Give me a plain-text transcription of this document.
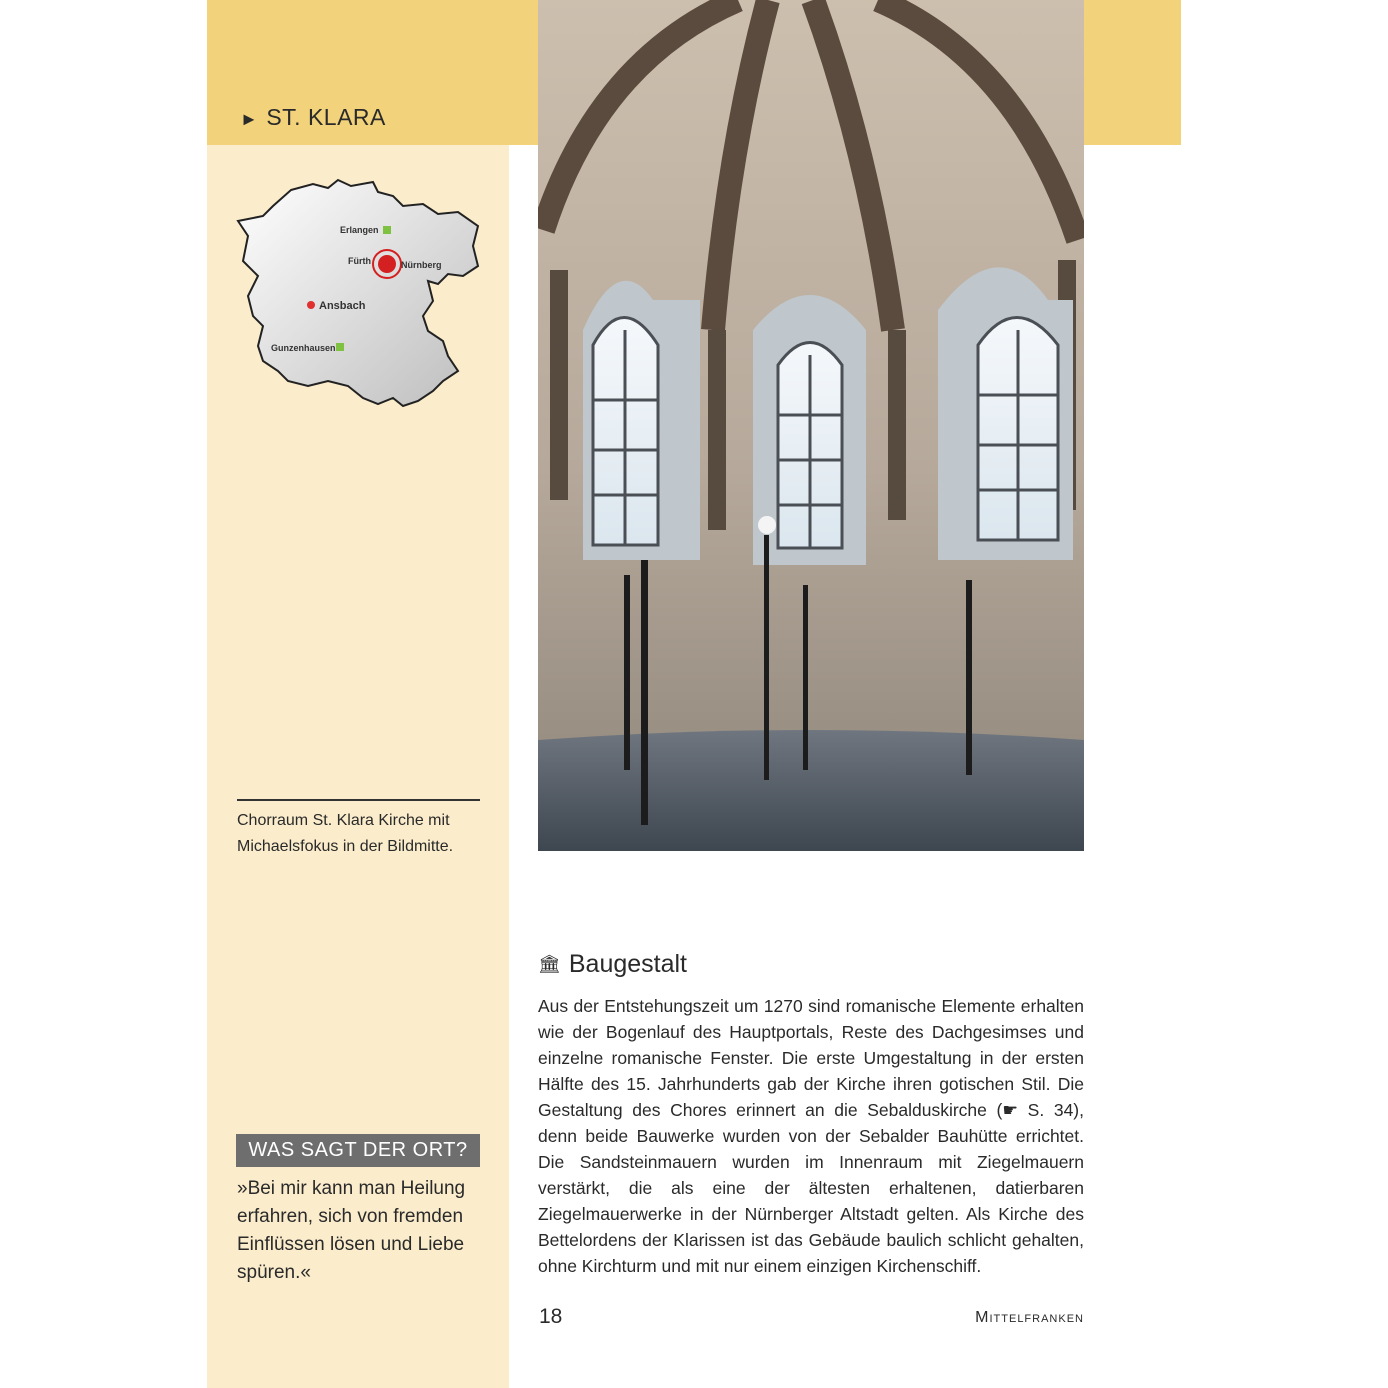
► ST. KLARA
Erlangen
Fürth	Nürnberg
Ansbach
Gunzenhausen
Chorraum St. Klara Kirche mit Michaelsfokus in der Bildmitte.
WAS SAGT DER ORT?
»Bei mir kann man Heilung erfahren, sich von fremden Einflüssen lösen und Liebe spüren.«
🏛 Baugestalt
Aus der Entstehungszeit um 1270 sind romanische Elemente erhalten wie der Bogenlauf des Hauptportals, Reste des Dachgesimses und einzelne romanische Fenster. Die erste Umgestaltung in der ersten Hälfte des 15. Jahrhunderts gab der Kirche ihren gotischen Stil. Die Gestaltung des Chores erinnert an die Sebalduskirche (☛ S. 34), denn beide Bauwerke wurden von der Sebalder Bauhütte errichtet. Die Sandsteinmauern wurden im Innenraum mit Ziegelmauern verstärkt, die als eine der ältesten erhaltenen, datierbaren Ziegelmauerwerke in der Nürnberger Altstadt gelten. Als Kirche des Bettelordens der Klarissen ist das Gebäude baulich schlicht gehalten, ohne Kirchturm und mit nur einem einzigen Kirchenschiff.
18	Mittelfranken
